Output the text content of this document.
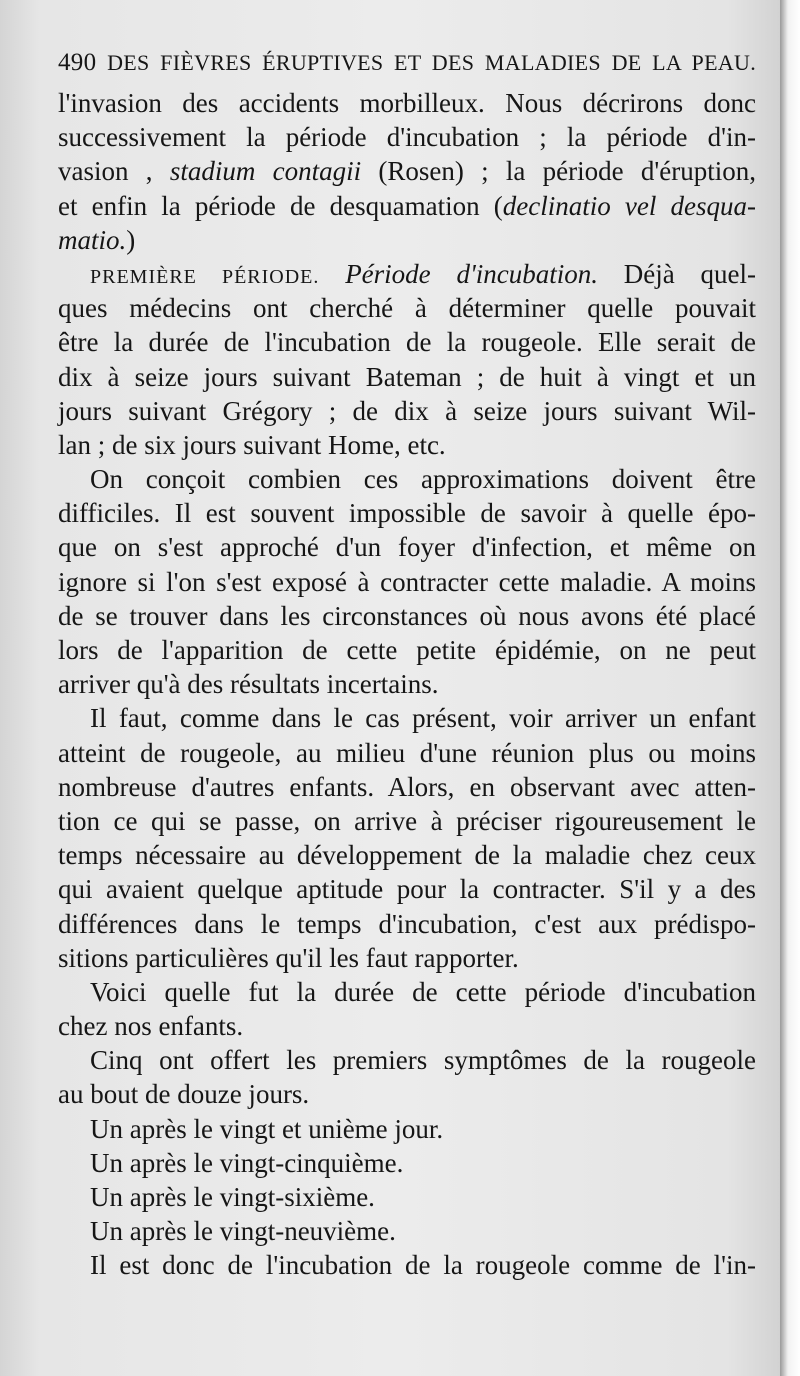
490 DES FIÈVRES ÉRUPTIVES ET DES MALADIES DE LA PEAU.
l'invasion des accidents morbilleux. Nous décrirons donc
successivement la période d'incubation ; la période d'in-
vasion , stadium contagii (Rosen) ; la période d'éruption,
et enfin la période de desquamation (declinatio vel desqua-
matio.)
PREMIÈRE PÉRIODE. Période d'incubation. Déjà quel-
ques médecins ont cherché à déterminer quelle pouvait
être la durée de l'incubation de la rougeole. Elle serait de
dix à seize jours suivant Bateman ; de huit à vingt et un
jours suivant Grégory ; de dix à seize jours suivant Wil-
lan ; de six jours suivant Home, etc.
On conçoit combien ces approximations doivent être
difficiles. Il est souvent impossible de savoir à quelle épo-
que on s'est approché d'un foyer d'infection, et même on
ignore si l'on s'est exposé à contracter cette maladie. A moins
de se trouver dans les circonstances où nous avons été placé
lors de l'apparition de cette petite épidémie, on ne peut
arriver qu'à des résultats incertains.
Il faut, comme dans le cas présent, voir arriver un enfant
atteint de rougeole, au milieu d'une réunion plus ou moins
nombreuse d'autres enfants. Alors, en observant avec atten-
tion ce qui se passe, on arrive à préciser rigoureusement le
temps nécessaire au développement de la maladie chez ceux
qui avaient quelque aptitude pour la contracter. S'il y a des
différences dans le temps d'incubation, c'est aux prédispo-
sitions particulières qu'il les faut rapporter.
Voici quelle fut la durée de cette période d'incubation
chez nos enfants.
Cinq ont offert les premiers symptômes de la rougeole
au bout de douze jours.
Un après le vingt et unième jour.
Un après le vingt-cinquième.
Un après le vingt-sixième.
Un après le vingt-neuvième.
Il est donc de l'incubation de la rougeole comme de l'in-
